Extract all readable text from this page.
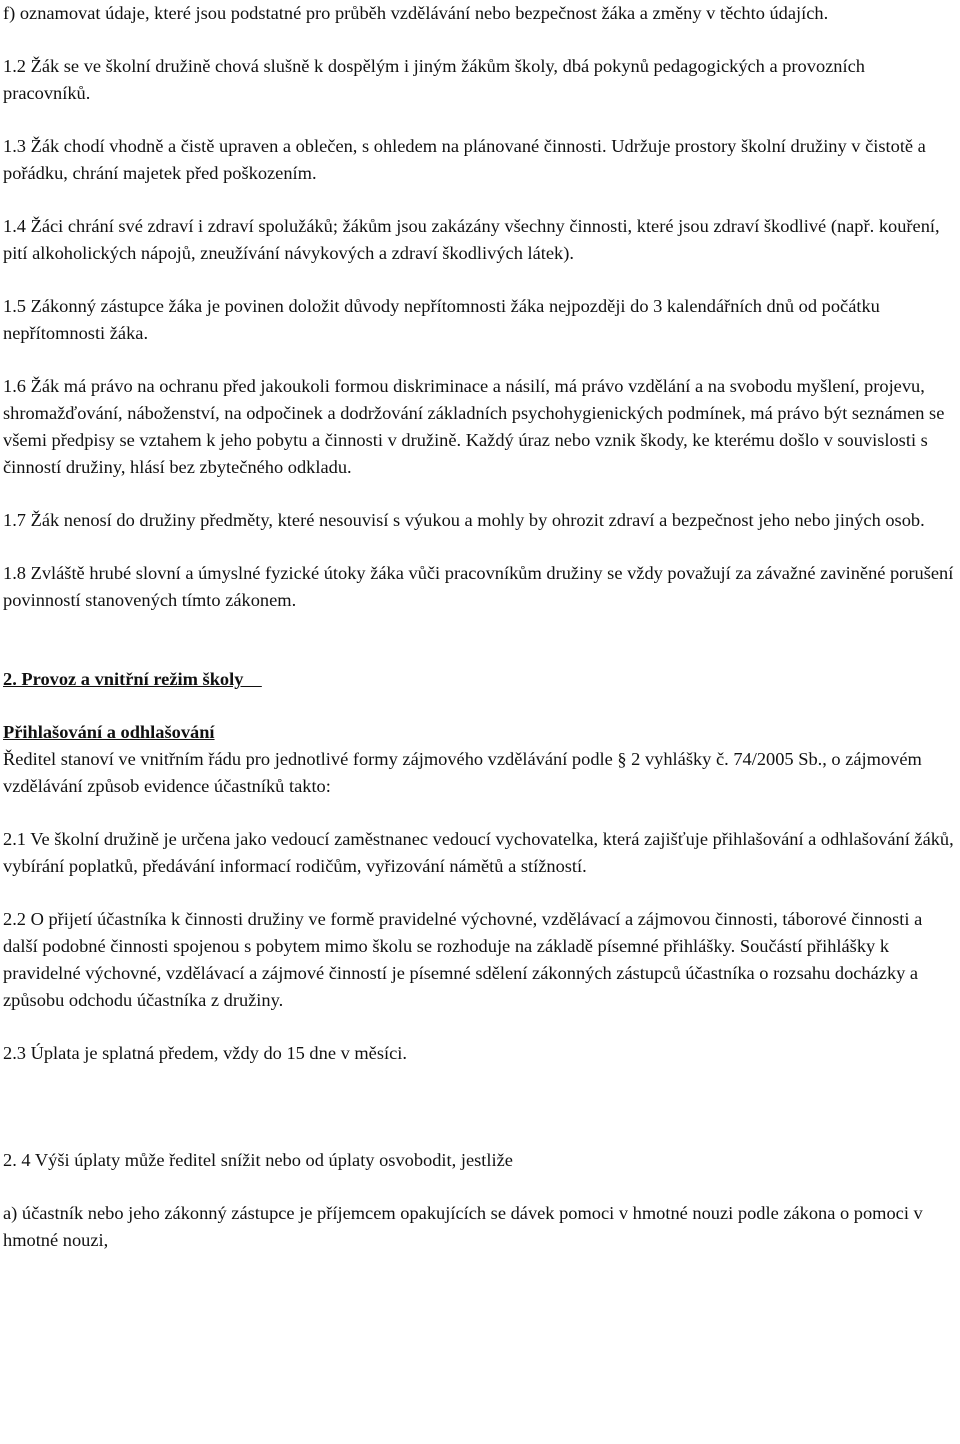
f) oznamovat údaje, které jsou podstatné pro průběh vzdělávání nebo bezpečnost žáka a změny v těchto údajích.

1.2 Žák se ve školní družině chová slušně k dospělým i jiným žákům školy, dbá pokynů pedagogických a provozních pracovníků.

1.3 Žák chodí vhodně a čistě upraven a oblečen, s ohledem na plánované činnosti. Udržuje prostory školní družiny v čistotě a pořádku, chrání majetek před poškozením.

1.4 Žáci chrání své zdraví i zdraví spolužáků; žákům jsou zakázány všechny činnosti, které jsou zdraví škodlivé (např. kouření, pití alkoholických nápojů, zneužívání návykových a zdraví škodlivých látek).

1.5 Zákonný zástupce žáka je povinen doložit důvody nepřítomnosti žáka nejpozději do 3 kalendářních dnů od počátku nepřítomnosti žáka.

1.6 Žák má právo na ochranu před jakoukoli formou diskriminace a násilí, má právo vzdělání a na svobodu myšlení, projevu, shromažďování, náboženství, na odpočinek a dodržování základních psychohygienických podmínek, má právo být seznámen se všemi předpisy se vztahem k jeho pobytu a činnosti v družině. Každý úraz nebo vznik škody, ke kterému došlo v souvislosti s činností družiny, hlásí bez zbytečného odkladu.

1.7 Žák nenosí do družiny předměty, které nesouvisí s výukou a mohly by ohrozit zdraví a bezpečnost jeho nebo jiných osob.

1.8 Zvláště hrubé slovní a úmyslné fyzické útoky žáka vůči pracovníkům družiny se vždy považují za závažné zaviněné porušení povinností stanovených tímto zákonem.

2. Provoz a vnitřní režim školy

Přihlašování a odhlašování

Ředitel stanoví ve vnitřním řádu pro jednotlivé formy zájmového vzdělávání podle § 2 vyhlášky č. 74/2005 Sb., o zájmovém vzdělávání způsob evidence účastníků takto:

2.1 Ve školní družině je určena jako vedoucí zaměstnanec vedoucí vychovatelka, která zajišťuje přihlašování a odhlašování žáků, vybírání poplatků, předávání informací rodičům, vyřizování námětů a stížností.

2.2 O přijetí účastníka k činnosti družiny ve formě pravidelné výchovné, vzdělávací a zájmovou činnosti, táborové činnosti a další podobné činnosti spojenou s pobytem mimo školu se rozhoduje na základě písemné přihlášky. Součástí přihlášky k pravidelné výchovné, vzdělávací a zájmové činností je písemné sdělení zákonných zástupců účastníka o rozsahu docházky a způsobu odchodu účastníka z družiny.

2.3 Úplata je splatná předem, vždy do 15 dne v měsíci.

2. 4 Výši úplaty může ředitel snížit nebo od úplaty osvobodit, jestliže

a) účastník nebo jeho zákonný zástupce je příjemcem opakujících se dávek pomoci v hmotné nouzi podle zákona o pomoci v hmotné nouzi,
